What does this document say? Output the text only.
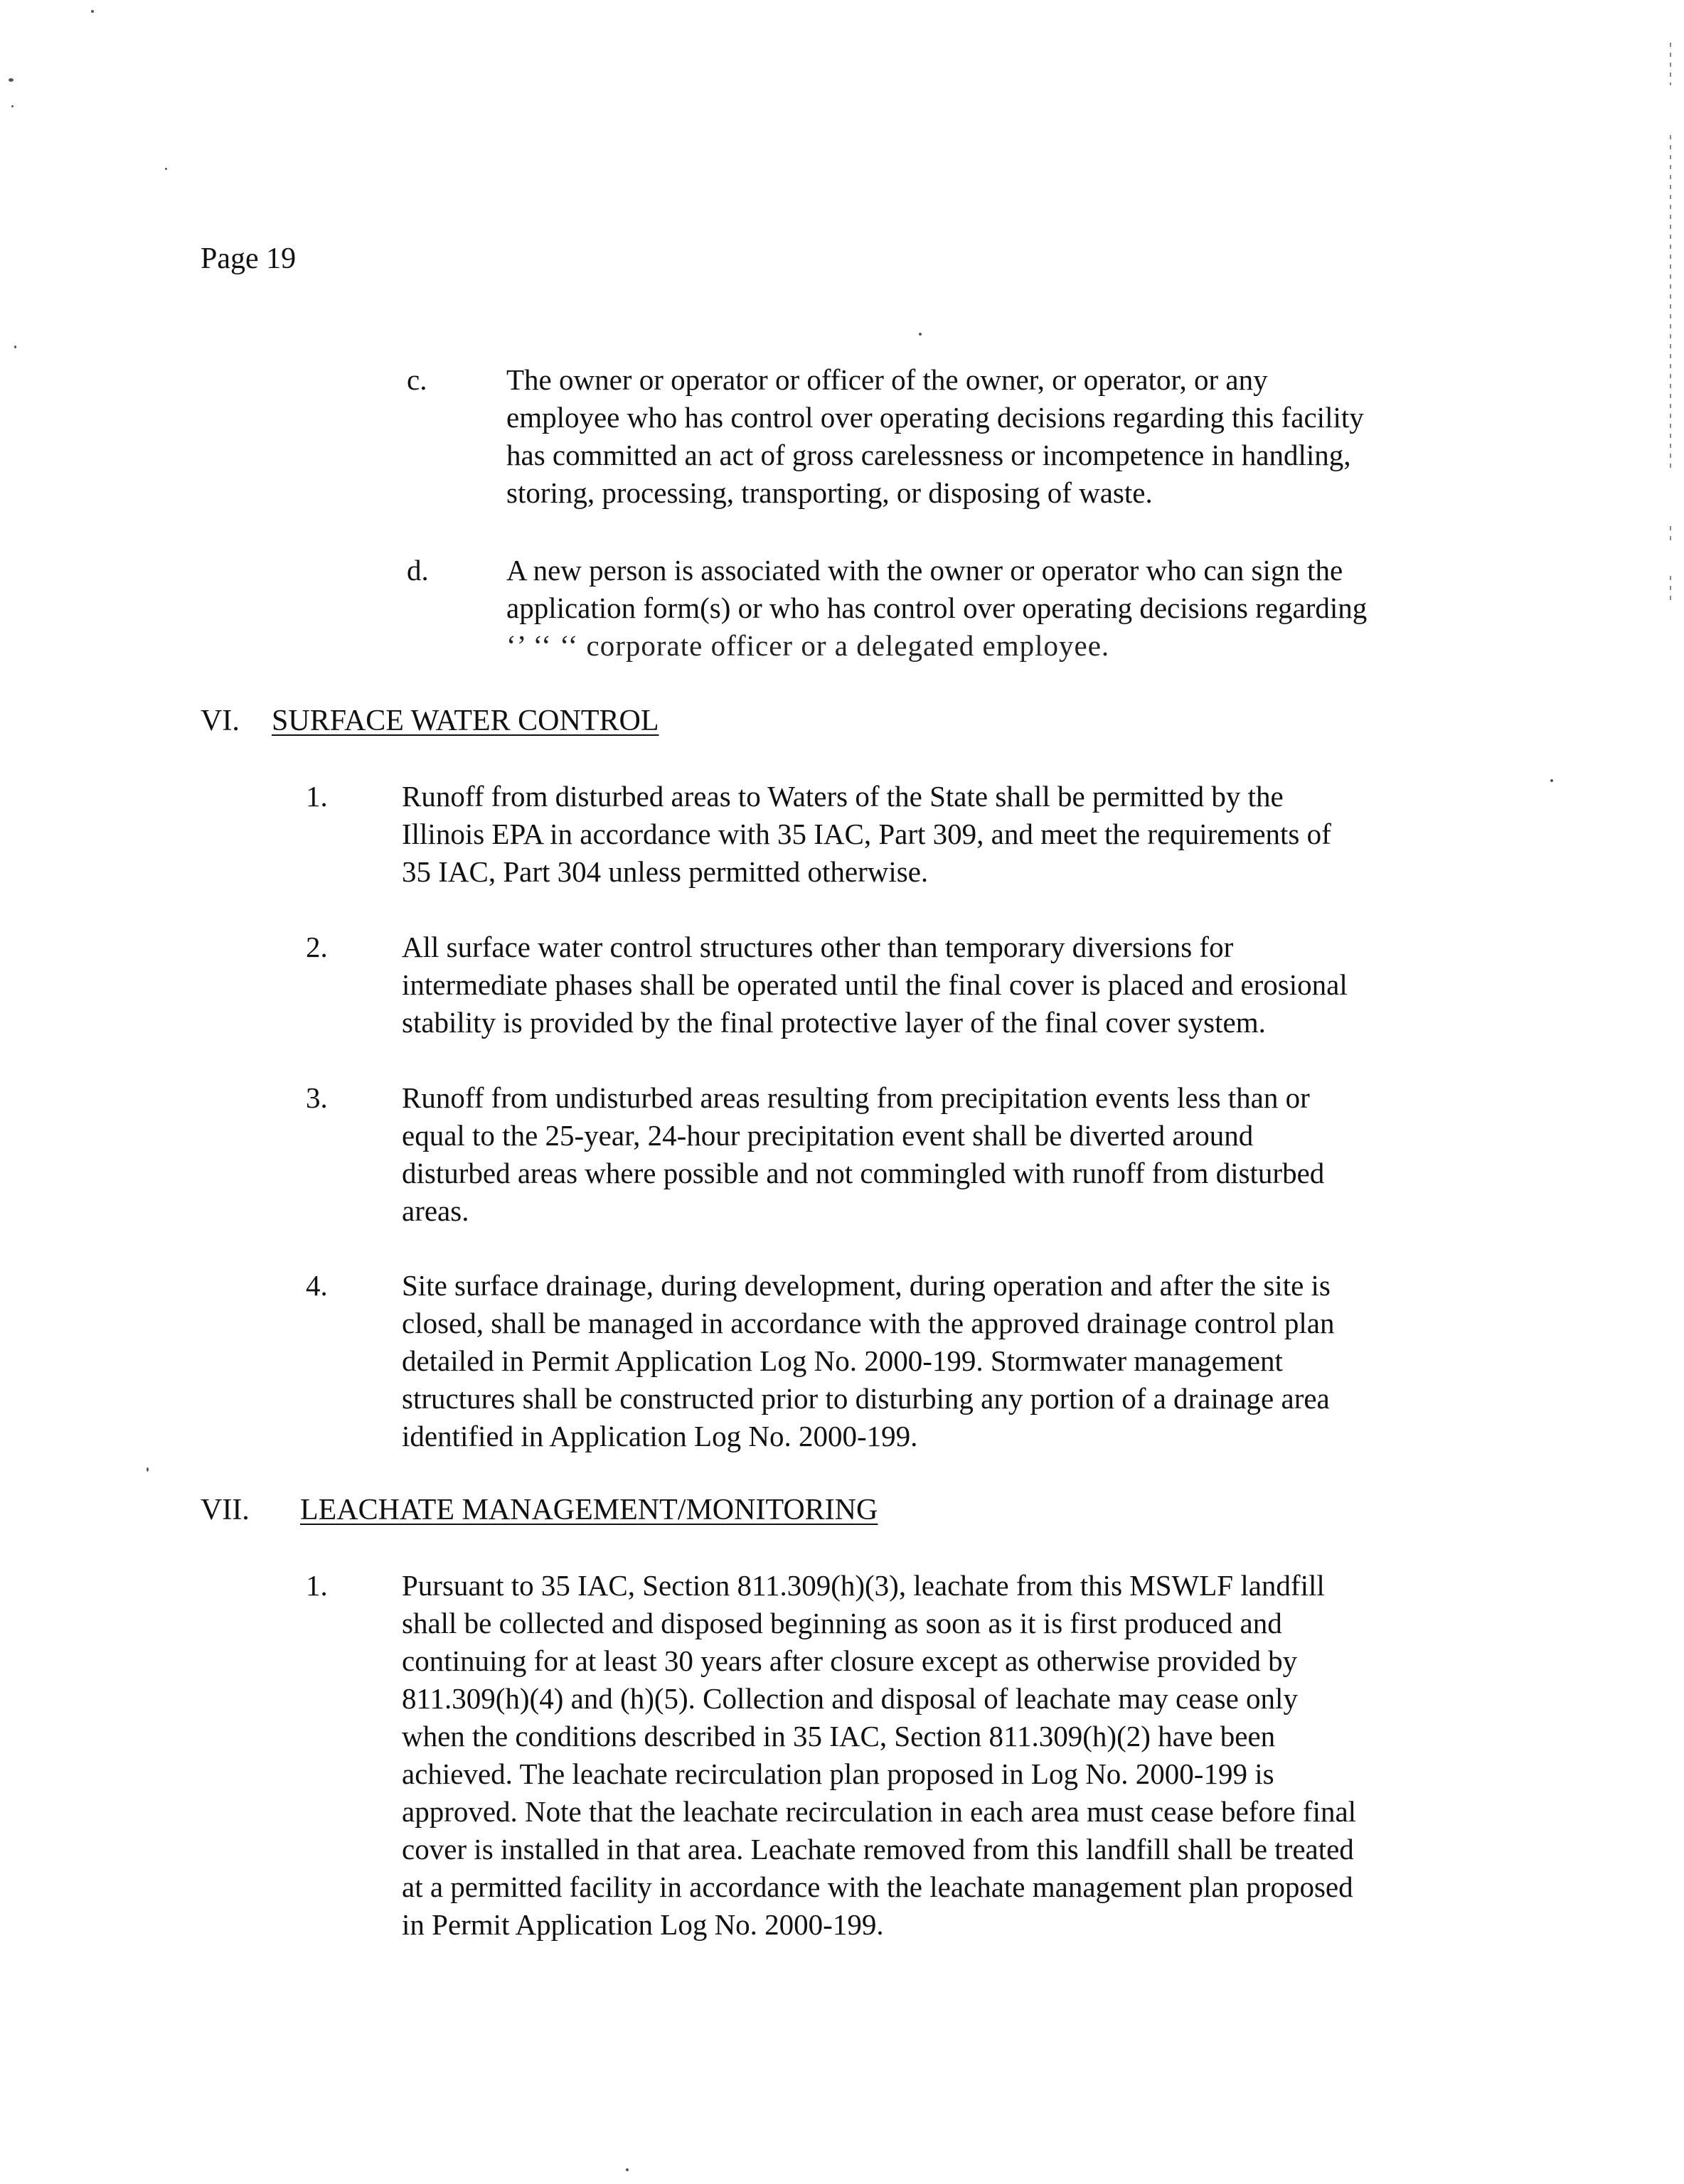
Page 19
c.	The owner or operator or officer of the owner, or operator, or any
employee who has control over operating decisions regarding this facility
has committed an act of gross carelessness or incompetence in handling,
storing, processing, transporting, or disposing of waste.
d.	A new person is associated with the owner or operator who can sign the
application form(s) or who has control over operating decisions regarding
‘’ ‘‘ ‘‘ corporate officer or a delegated employee.
VI. SURFACE WATER CONTROL
1.	Runoff from disturbed areas to Waters of the State shall be permitted by the
Illinois EPA in accordance with 35 IAC, Part 309, and meet the requirements of
35 IAC, Part 304 unless permitted otherwise.
2.	All surface water control structures other than temporary diversions for
intermediate phases shall be operated until the final cover is placed and erosional
stability is provided by the final protective layer of the final cover system.
3.	Runoff from undisturbed areas resulting from precipitation events less than or
equal to the 25-year, 24-hour precipitation event shall be diverted around
disturbed areas where possible and not commingled with runoff from disturbed
areas.
4.	Site surface drainage, during development, during operation and after the site is
closed, shall be managed in accordance with the approved drainage control plan
detailed in Permit Application Log No. 2000-199. Stormwater management
structures shall be constructed prior to disturbing any portion of a drainage area
identified in Application Log No. 2000-199.
VII. LEACHATE MANAGEMENT/MONITORING
1.	Pursuant to 35 IAC, Section 811.309(h)(3), leachate from this MSWLF landfill
shall be collected and disposed beginning as soon as it is first produced and
continuing for at least 30 years after closure except as otherwise provided by
811.309(h)(4) and (h)(5). Collection and disposal of leachate may cease only
when the conditions described in 35 IAC, Section 811.309(h)(2) have been
achieved. The leachate recirculation plan proposed in Log No. 2000-199 is
approved. Note that the leachate recirculation in each area must cease before final
cover is installed in that area. Leachate removed from this landfill shall be treated
at a permitted facility in accordance with the leachate management plan proposed
in Permit Application Log No. 2000-199.
